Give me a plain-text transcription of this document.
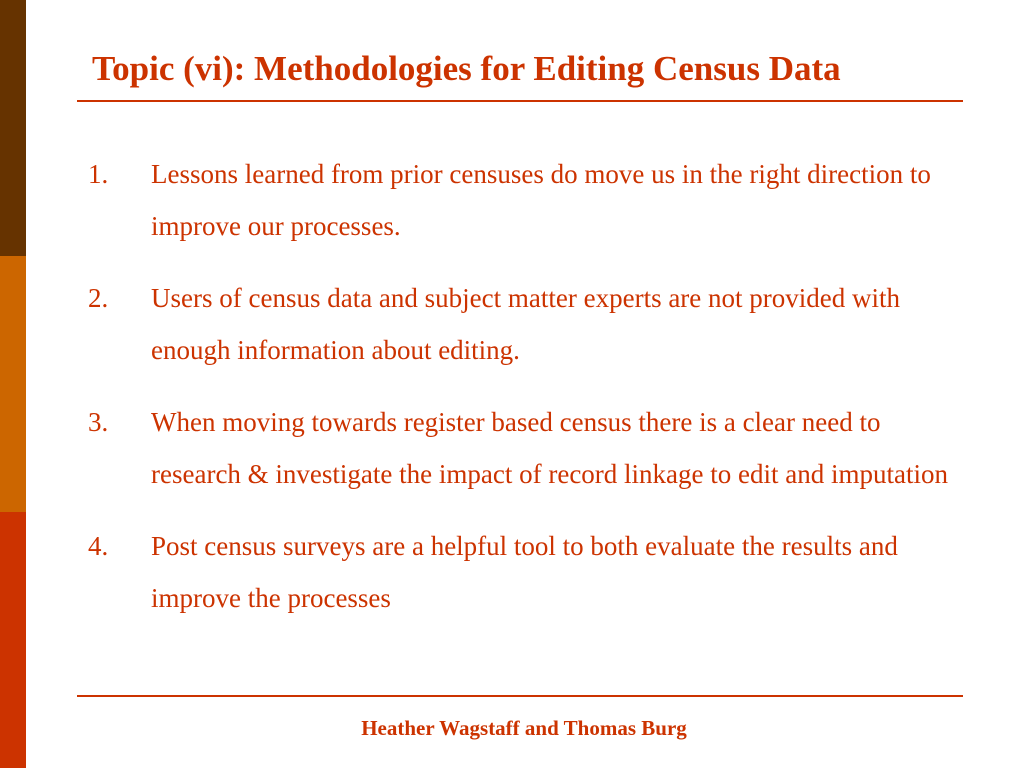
Topic (vi): Methodologies for Editing Census Data
1. Lessons learned from prior censuses do move us in the right direction to improve our processes.
2. Users of census data and subject matter experts are not provided with enough information about editing.
3. When moving towards register based census there is a clear need to research & investigate the impact of record linkage to edit and imputation
4. Post census surveys are a helpful tool to both evaluate the results and improve the processes
Heather Wagstaff and Thomas Burg
